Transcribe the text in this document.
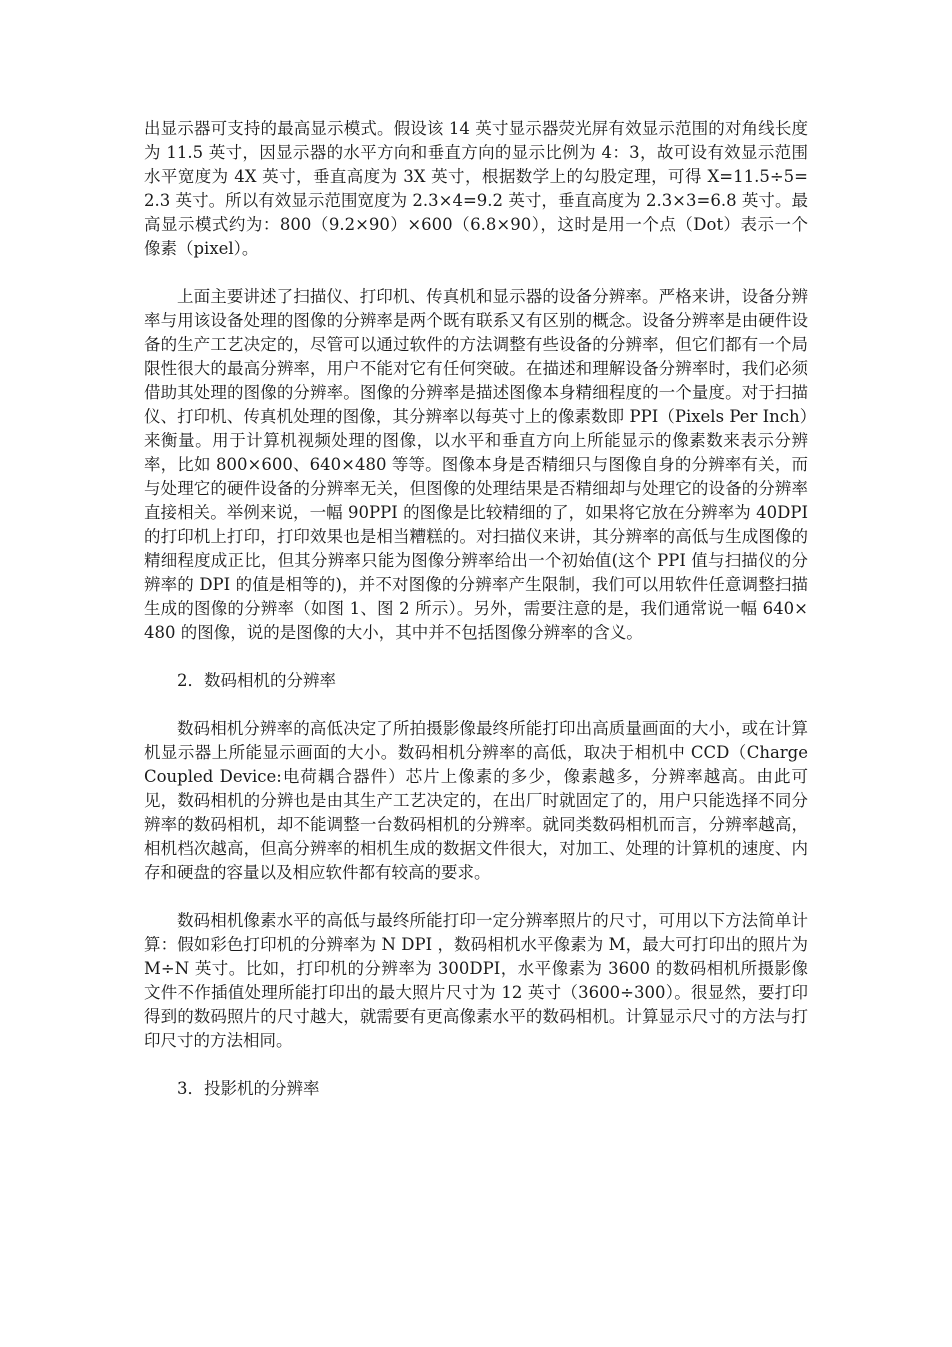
出显示器可支持的最高显示模式。假设该 14 英寸显示器荧光屏有效显示范围的对角线长度为 11.5 英寸，因显示器的水平方向和垂直方向的显示比例为 4：3，故可设有效显示范围水平宽度为 4X 英寸，垂直高度为 3X 英寸，根据数学上的勾股定理，可得 X=11.5÷5=2.3 英寸。所以有效显示范围宽度为 2.3×4=9.2 英寸，垂直高度为 2.3×3=6.8 英寸。最高显示模式约为：800（9.2×90）×600（6.8×90），这时是用一个点（Dot）表示一个像素（pixel）。

上面主要讲述了扫描仪、打印机、传真机和显示器的设备分辨率。严格来讲，设备分辨率与用该设备处理的图像的分辨率是两个既有联系又有区别的概念。设备分辨率是由硬件设备的生产工艺决定的，尽管可以通过软件的方法调整有些设备的分辨率，但它们都有一个局限性很大的最高分辨率，用户不能对它有任何突破。在描述和理解设备分辨率时，我们必须借助其处理的图像的分辨率。图像的分辨率是描述图像本身精细程度的一个量度。对于扫描仪、打印机、传真机处理的图像，其分辨率以每英寸上的像素数即 PPI（Pixels Per Inch）来衡量。用于计算机视频处理的图像，以水平和垂直方向上所能显示的像素数来表示分辨率，比如 800×600、640×480 等等。图像本身是否精细只与图像自身的分辨率有关，而与处理它的硬件设备的分辨率无关，但图像的处理结果是否精细却与处理它的设备的分辨率直接相关。举例来说，一幅 90PPI 的图像是比较精细的了，如果将它放在分辨率为 40DPI 的打印机上打印，打印效果也是相当糟糕的。对扫描仪来讲，其分辨率的高低与生成图像的精细程度成正比，但其分辨率只能为图像分辨率给出一个初始值(这个 PPI 值与扫描仪的分辨率的 DPI 的值是相等的)，并不对图像的分辨率产生限制，我们可以用软件任意调整扫描生成的图像的分辨率（如图 1、图 2 所示）。另外，需要注意的是，我们通常说一幅 640×480 的图像，说的是图像的大小，其中并不包括图像分辨率的含义。

2．数码相机的分辨率

数码相机分辨率的高低决定了所拍摄影像最终所能打印出高质量画面的大小，或在计算机显示器上所能显示画面的大小。数码相机分辨率的高低，取决于相机中 CCD（Charge Coupled Device:电荷耦合器件）芯片上像素的多少，像素越多，分辨率越高。由此可见，数码相机的分辨也是由其生产工艺决定的，在出厂时就固定了的，用户只能选择不同分辨率的数码相机，却不能调整一台数码相机的分辨率。就同类数码相机而言，分辨率越高，相机档次越高，但高分辨率的相机生成的数据文件很大，对加工、处理的计算机的速度、内存和硬盘的容量以及相应软件都有较高的要求。

数码相机像素水平的高低与最终所能打印一定分辨率照片的尺寸，可用以下方法简单计算：假如彩色打印机的分辨率为 N DPI ，数码相机水平像素为 M，最大可打印出的照片为 M÷N 英寸。比如，打印机的分辨率为 300DPI，水平像素为 3600 的数码相机所摄影像文件不作插值处理所能打印出的最大照片尺寸为 12 英寸（3600÷300）。很显然，要打印得到的数码照片的尺寸越大，就需要有更高像素水平的数码相机。计算显示尺寸的方法与打印尺寸的方法相同。

3．投影机的分辨率
